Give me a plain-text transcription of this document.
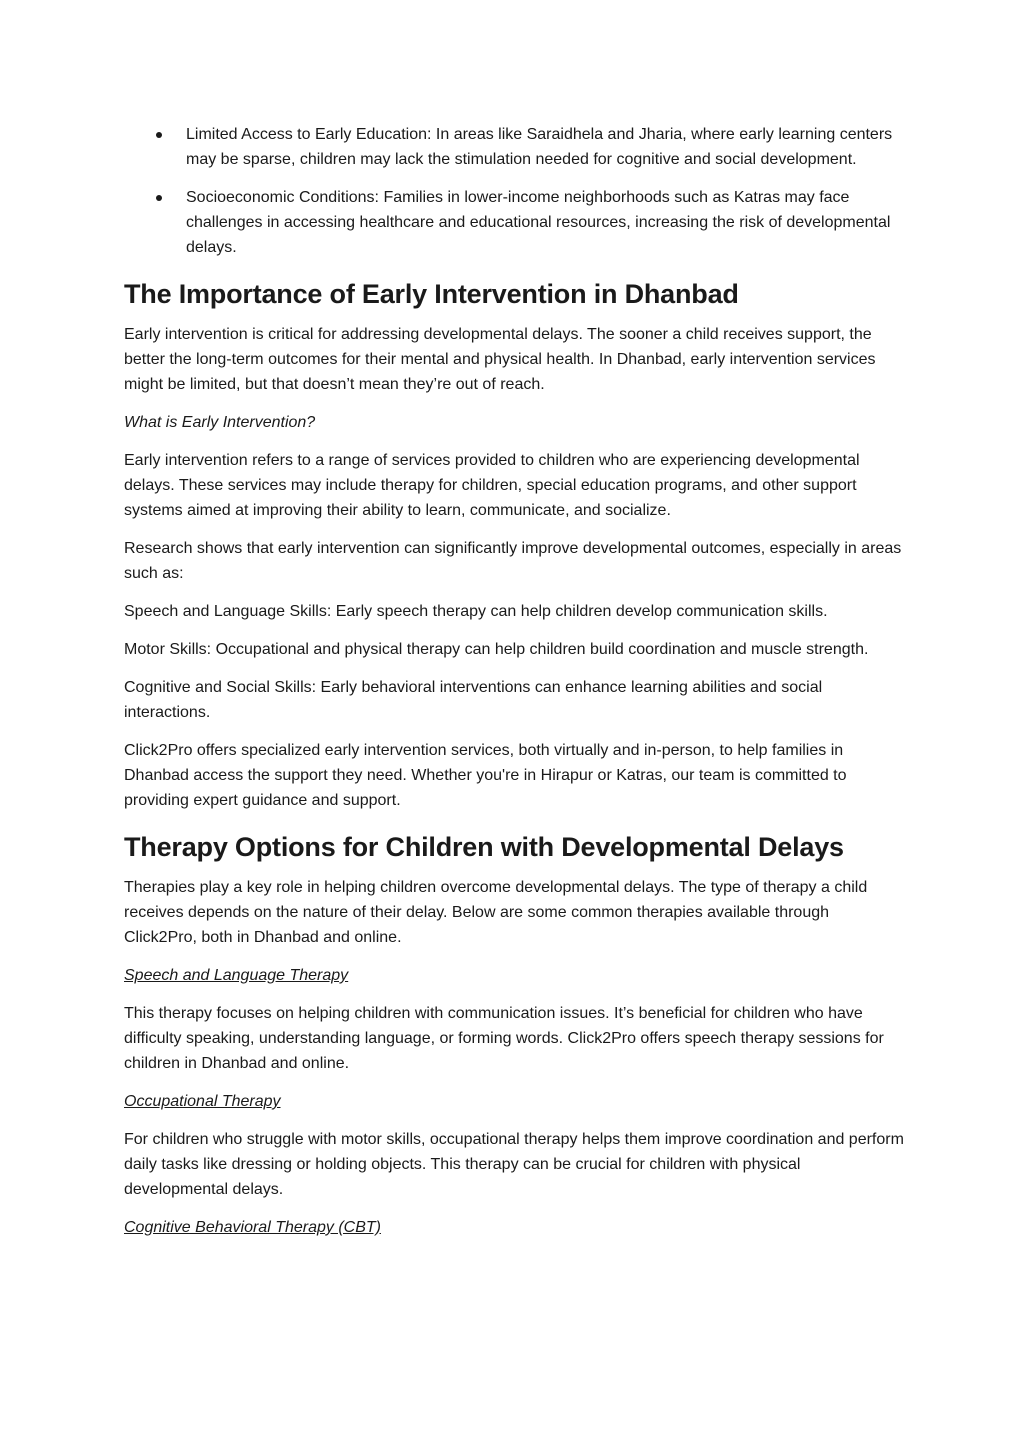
Limited Access to Early Education: In areas like Saraidhela and Jharia, where early learning centers may be sparse, children may lack the stimulation needed for cognitive and social development.
Socioeconomic Conditions: Families in lower-income neighborhoods such as Katras may face challenges in accessing healthcare and educational resources, increasing the risk of developmental delays.
The Importance of Early Intervention in Dhanbad

Early intervention is critical for addressing developmental delays. The sooner a child receives support, the better the long-term outcomes for their mental and physical health. In Dhanbad, early intervention services might be limited, but that doesn’t mean they’re out of reach.

What is Early Intervention?

Early intervention refers to a range of services provided to children who are experiencing developmental delays. These services may include therapy for children, special education programs, and other support systems aimed at improving their ability to learn, communicate, and socialize.

Research shows that early intervention can significantly improve developmental outcomes, especially in areas such as:

Speech and Language Skills: Early speech therapy can help children develop communication skills.

Motor Skills: Occupational and physical therapy can help children build coordination and muscle strength.

Cognitive and Social Skills: Early behavioral interventions can enhance learning abilities and social interactions.

Click2Pro offers specialized early intervention services, both virtually and in-person, to help families in Dhanbad access the support they need. Whether you're in Hirapur or Katras, our team is committed to providing expert guidance and support.

Therapy Options for Children with Developmental Delays

Therapies play a key role in helping children overcome developmental delays. The type of therapy a child receives depends on the nature of their delay. Below are some common therapies available through Click2Pro, both in Dhanbad and online.

Speech and Language Therapy

This therapy focuses on helping children with communication issues. It’s beneficial for children who have difficulty speaking, understanding language, or forming words. Click2Pro offers speech therapy sessions for children in Dhanbad and online.

Occupational Therapy

For children who struggle with motor skills, occupational therapy helps them improve coordination and perform daily tasks like dressing or holding objects. This therapy can be crucial for children with physical developmental delays.

Cognitive Behavioral Therapy (CBT)
